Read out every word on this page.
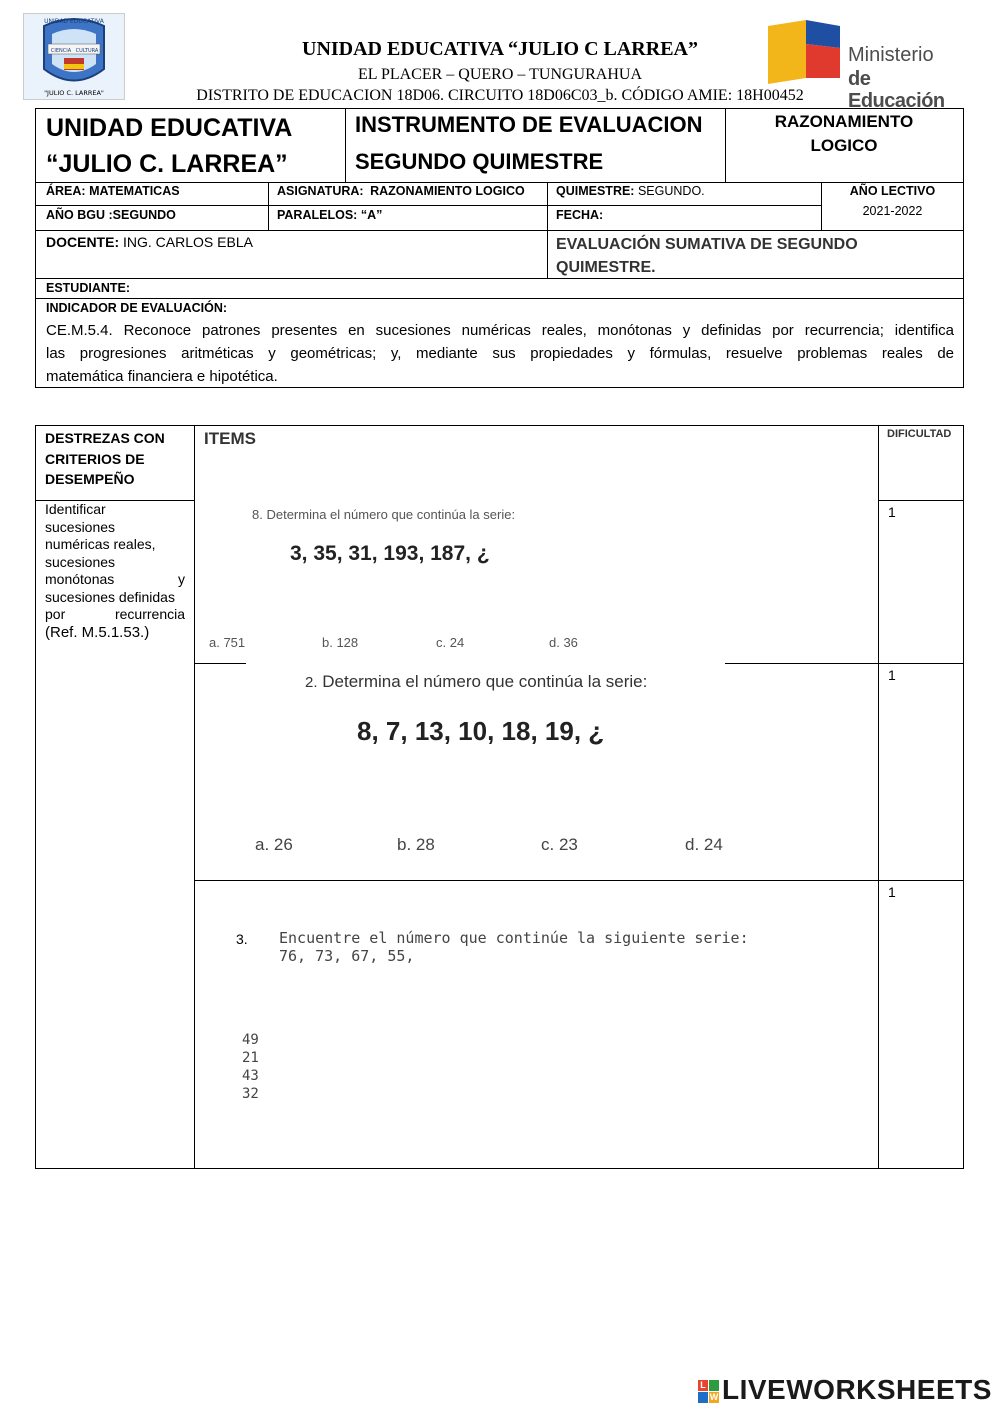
UNIDAD EDUCATIVA
CIENCIA CULTURA
"JULIO C. LARREA"
UNIDAD EDUCATIVA “JULIO C LARREA”
EL PLACER – QUERO – TUNGURAHUA
DISTRITO DE EDUCACION 18D06. CIRCUITO 18D06C03_b. CÓDIGO AMIE: 18H00452
Ministerio
de Educación
UNIDAD EDUCATIVA
“JULIO C. LARREA”
INSTRUMENTO DE EVALUACION
SEGUNDO QUIMESTRE
RAZONAMIENTO LOGICO
ÁREA: MATEMATICAS	ASIGNATURA: RAZONAMIENTO LOGICO	QUIMESTRE: SEGUNDO.	AÑO LECTIVO
2021-2022
AÑO BGU :SEGUNDO	PARALELOS: “A”	FECHA:
DOCENTE: ING. CARLOS EBLA	EVALUACIÓN SUMATIVA DE SEGUNDO
QUIMESTRE.
ESTUDIANTE:
INDICADOR DE EVALUACIÓN:
CE.M.5.4. Reconoce patrones presentes en sucesiones numéricas reales, monótonas y definidas por recurrencia; identifica
las progresiones aritméticas y geométricas; y, mediante sus propiedades y fórmulas, resuelve problemas reales de
matemática financiera e hipotética.
DESTREZAS CON
CRITERIOS DE
DESEMPEÑO
ITEMS	DIFICULTAD
Identificar
sucesiones
numéricas reales,
sucesiones
monótonas y
sucesiones definidas
por recurrencia
(Ref. M.5.1.53.)
8. Determina el número que continúa la serie:
3, 35, 31, 193, 187, ¿
a. 751	b. 128	c. 24	d. 36
1
2. Determina el número que continúa la serie:
8, 7, 13, 10, 18, 19, ¿
a. 26	b. 28	c. 23	d. 24
1
3. Encuentre el número que continúe la siguiente serie:
76, 73, 67, 55,
49
21
43
32
1
L
W LIVEWORKSHEETS
